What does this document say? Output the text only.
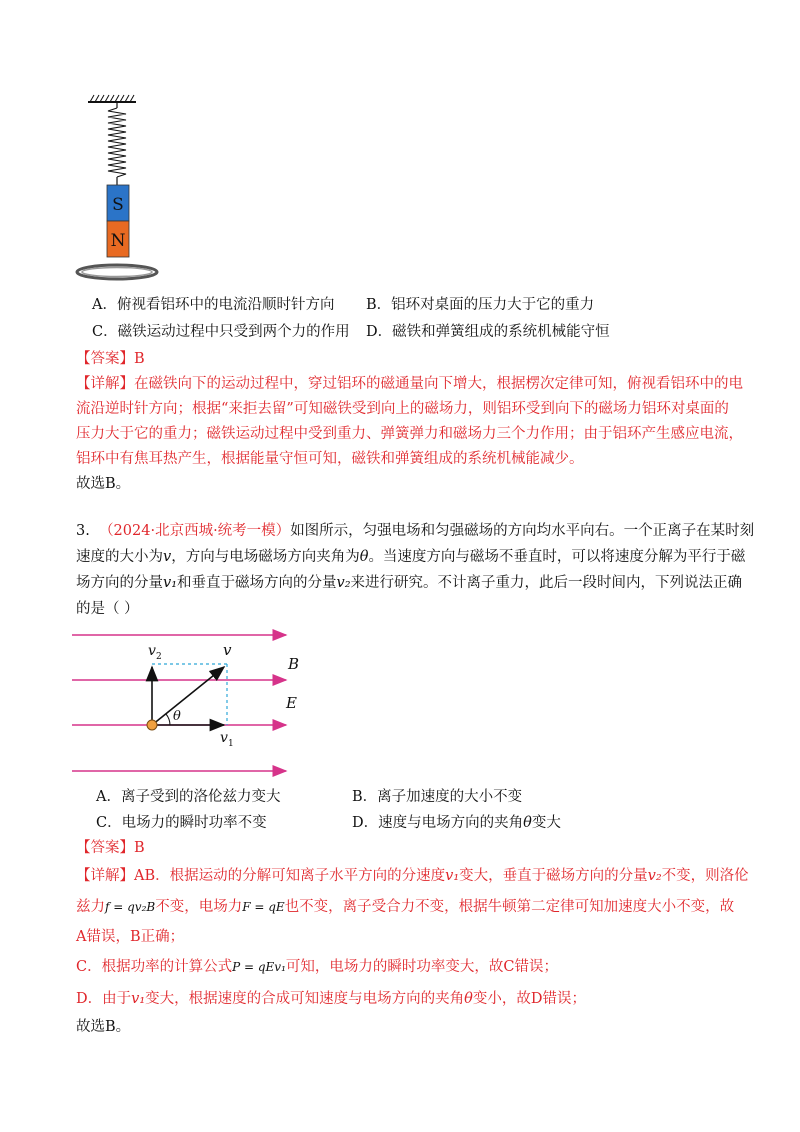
S
N
A．俯视看铝环中的电流沿顺时针方向 B．铝环对桌面的压力大于它的重力
C．磁铁运动过程中只受到两个力的作用 D．磁铁和弹簧组成的系统机械能守恒
【答案】B
【详解】在磁铁向下的运动过程中，穿过铝环的磁通量向下增大，根据楞次定律可知，俯视看铝环中的电
流沿逆时针方向；根据“来拒去留”可知磁铁受到向上的磁场力，则铝环受到向下的磁场力铝环对桌面的
压力大于它的重力；磁铁运动过程中受到重力、弹簧弹力和磁场力三个力作用；由于铝环产生感应电流，
铝环中有焦耳热产生，根据能量守恒可知，磁铁和弹簧组成的系统机械能减少。
故选B。
3. （2024·北京西城·统考一模）如图所示，匀强电场和匀强磁场的方向均水平向右。一个正离子在某时刻
速度的大小为v，方向与电场磁场方向夹角为θ。当速度方向与磁场不垂直时，可以将速度分解为平行于磁
场方向的分量v₁和垂直于磁场方向的分量v₂来进行研究。不计离子重力，此后一段时间内，下列说法正确
的是（ ）
v 2	v
B
E
θ
v 1
A．离子受到的洛伦兹力变大	B．离子加速度的大小不变
C．电场力的瞬时功率不变	D．速度与电场方向的夹角θ变大
【答案】B
【详解】AB．根据运动的分解可知离子水平方向的分速度v₁变大，垂直于磁场方向的分量v₂不变，则洛伦
兹力f = qv₂B不变，电场力F = qE也不变，离子受合力不变，根据牛顿第二定律可知加速度大小不变，故
A错误，B正确；
C．根据功率的计算公式P = qEv₁可知，电场力的瞬时功率变大，故C错误；
D．由于v₁变大，根据速度的合成可知速度与电场方向的夹角θ变小，故D错误；
故选B。
